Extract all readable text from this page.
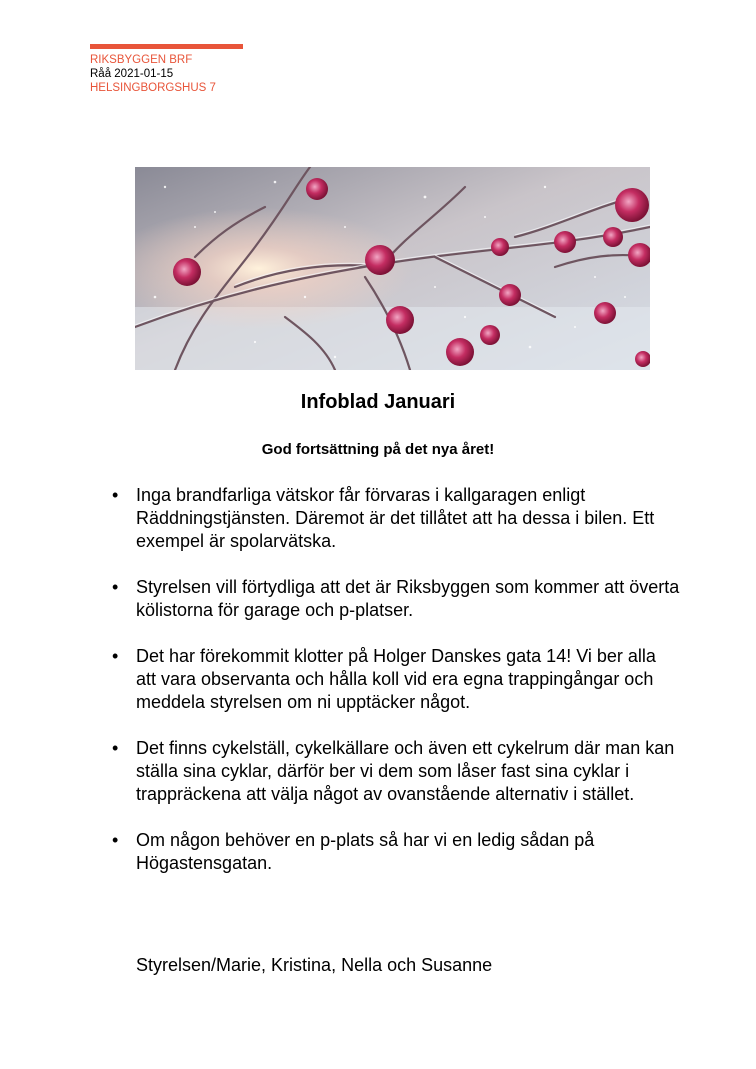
RIKSBYGGEN BRF
Råå 2021-01-15
HELSINGBORGSHUS 7
Infoblad Januari
God fortsättning på det nya året!
• Inga brandfarliga vätskor får förvaras i kallgaragen enligt Räddningstjänsten. Däremot är det tillåtet att ha dessa i bilen. Ett exempel är spolarvätska.
• Styrelsen vill förtydliga att det är Riksbyggen som kommer att överta kölistorna för garage och p-platser.
• Det har förekommit klotter på Holger Danskes gata 14! Vi ber alla att vara observanta och hålla koll vid era egna trappingångar och meddela styrelsen om ni upptäcker något.
• Det finns cykelställ, cykelkällare och även ett cykelrum där man kan ställa sina cyklar, därför ber vi dem som låser fast sina cyklar i trappräckena att välja något av ovanstående alternativ i stället.
• Om någon behöver en p-plats så har vi en ledig sådan på Högastensgatan.
Styrelsen/Marie, Kristina, Nella och Susanne
